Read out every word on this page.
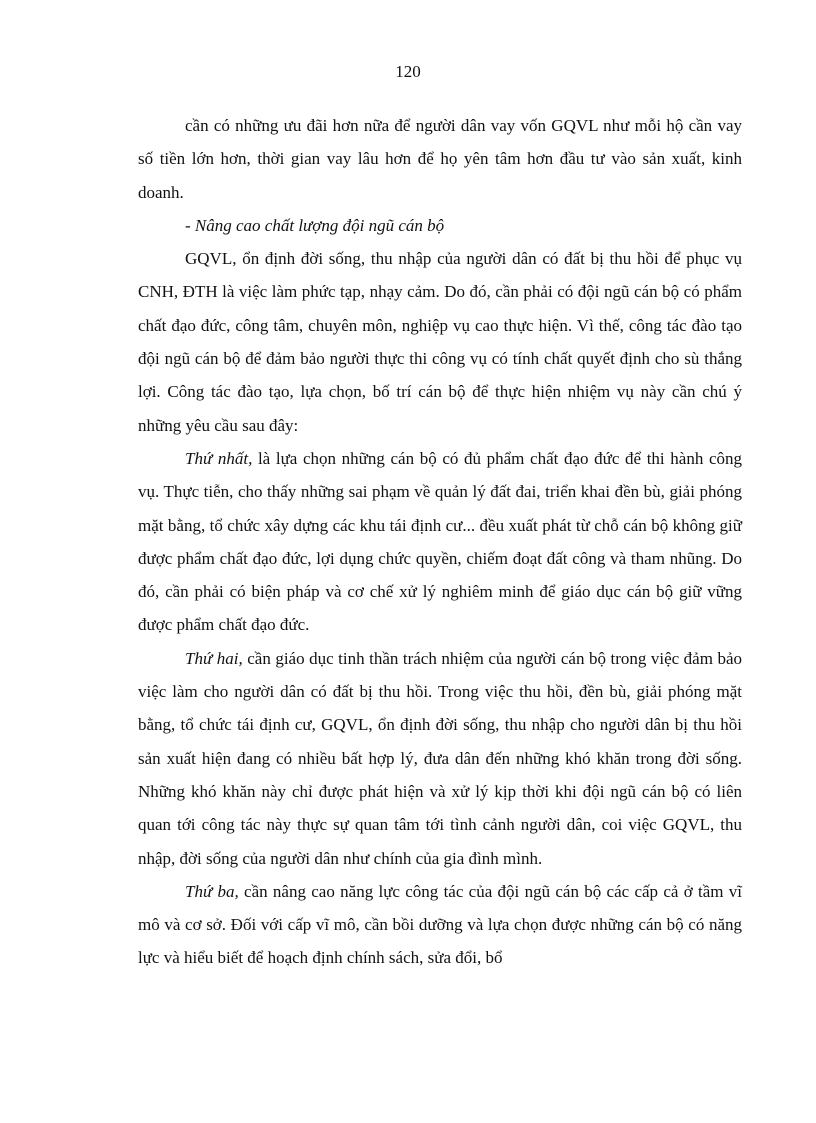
120

cần có những ưu đãi hơn nữa để người dân vay vốn GQVL như mỗi hộ cần vay số tiền lớn hơn, thời gian vay lâu hơn để họ yên tâm hơn đầu tư vào sản xuất, kinh doanh.

- Nâng cao chất lượng đội ngũ cán bộ

GQVL, ổn định đời sống, thu nhập của người dân có đất bị thu hồi để phục vụ CNH, ĐTH là việc làm phức tạp, nhạy cảm. Do đó, cần phải có đội ngũ cán bộ có phẩm chất đạo đức, công tâm, chuyên môn, nghiệp vụ cao thực hiện. Vì thế, công tác đào tạo đội ngũ cán bộ để đảm bảo người thực thi công vụ có tính chất quyết định cho sù thắng lợi. Công tác đào tạo, lựa chọn, bố trí cán bộ để thực hiện nhiệm vụ này cần chú ý những yêu cầu sau đây:

Thứ nhất, là lựa chọn những cán bộ có đủ phẩm chất đạo đức để thi hành công vụ. Thực tiễn, cho thấy những sai phạm về quản lý đất đai, triển khai đền bù, giải phóng mặt bằng, tổ chức xây dựng các khu tái định cư... đều xuất phát từ chỗ cán bộ không giữ được phẩm chất đạo đức, lợi dụng chức quyền, chiếm đoạt đất công và tham nhũng. Do đó, cần phải có biện pháp và cơ chế xử lý nghiêm minh để giáo dục cán bộ giữ vững được phẩm chất đạo đức.

Thứ hai, cần giáo dục tinh thần trách nhiệm của người cán bộ trong việc đảm bảo việc làm cho người dân có đất bị thu hồi. Trong việc thu hồi, đền bù, giải phóng mặt bằng, tổ chức tái định cư, GQVL, ổn định đời sống, thu nhập cho người dân bị thu hồi sản xuất hiện đang có nhiều bất hợp lý, đưa dân đến những khó khăn trong đời sống. Những khó khăn này chỉ được phát hiện và xử lý kịp thời khi đội ngũ cán bộ có liên quan tới công tác này thực sự quan tâm tới tình cảnh người dân, coi việc GQVL, thu nhập, đời sống của người dân như chính của gia đình mình.

Thứ ba, cần nâng cao năng lực công tác của đội ngũ cán bộ các cấp cả ở tầm vĩ mô và cơ sở. Đối với cấp vĩ mô, cần bồi dưỡng và lựa chọn được những cán bộ có năng lực và hiểu biết để hoạch định chính sách, sửa đổi, bổ
